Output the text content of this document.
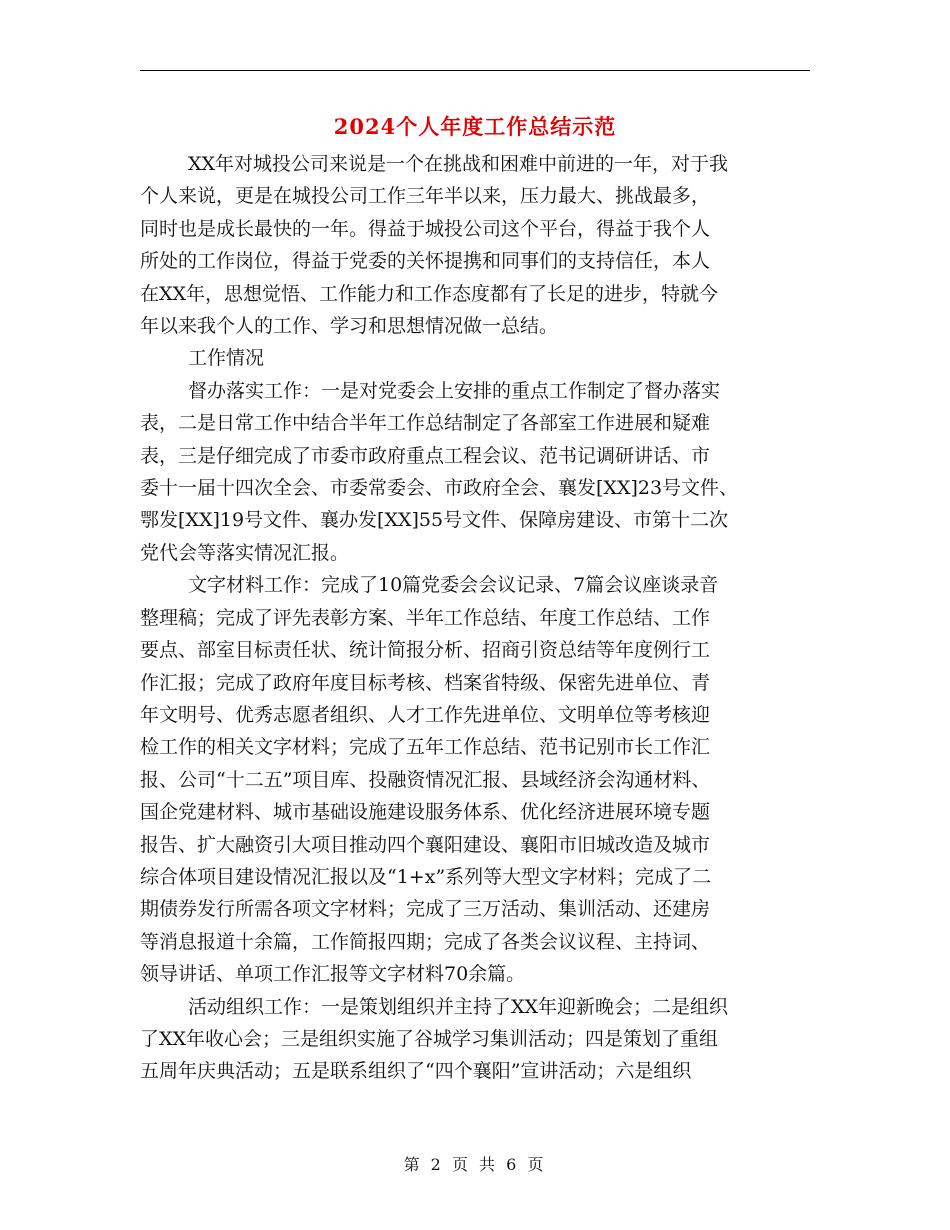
2024个人年度工作总结示范
XX年对城投公司来说是一个在挑战和困难中前进的一年，对于我
个人来说，更是在城投公司工作三年半以来，压力最大、挑战最多，
同时也是成长最快的一年。得益于城投公司这个平台，得益于我个人
所处的工作岗位，得益于党委的关怀提携和同事们的支持信任，本人
在XX年，思想觉悟、工作能力和工作态度都有了长足的进步，特就今
年以来我个人的工作、学习和思想情况做一总结。
工作情况
督办落实工作：一是对党委会上安排的重点工作制定了督办落实
表，二是日常工作中结合半年工作总结制定了各部室工作进展和疑难
表，三是仔细完成了市委市政府重点工程会议、范书记调研讲话、市
委十一届十四次全会、市委常委会、市政府全会、襄发[XX]23号文件、
鄂发[XX]19号文件、襄办发[XX]55号文件、保障房建设、市第十二次
党代会等落实情况汇报。
文字材料工作：完成了10篇党委会会议记录、7篇会议座谈录音
整理稿；完成了评先表彰方案、半年工作总结、年度工作总结、工作
要点、部室目标责任状、统计简报分析、招商引资总结等年度例行工
作汇报；完成了政府年度目标考核、档案省特级、保密先进单位、青
年文明号、优秀志愿者组织、人才工作先进单位、文明单位等考核迎
检工作的相关文字材料；完成了五年工作总结、范书记别市长工作汇
报、公司“十二五”项目库、投融资情况汇报、县域经济会沟通材料、
国企党建材料、城市基础设施建设服务体系、优化经济进展环境专题
报告、扩大融资引大项目推动四个襄阳建设、襄阳市旧城改造及城市
综合体项目建设情况汇报以及“1+x”系列等大型文字材料；完成了二
期债券发行所需各项文字材料；完成了三万活动、集训活动、还建房
等消息报道十余篇，工作简报四期；完成了各类会议议程、主持词、
领导讲话、单项工作汇报等文字材料70余篇。
活动组织工作：一是策划组织并主持了XX年迎新晚会；二是组织
了XX年收心会；三是组织实施了谷城学习集训活动；四是策划了重组
五周年庆典活动；五是联系组织了“四个襄阳”宣讲活动；六是组织
第 2 页 共 6 页
